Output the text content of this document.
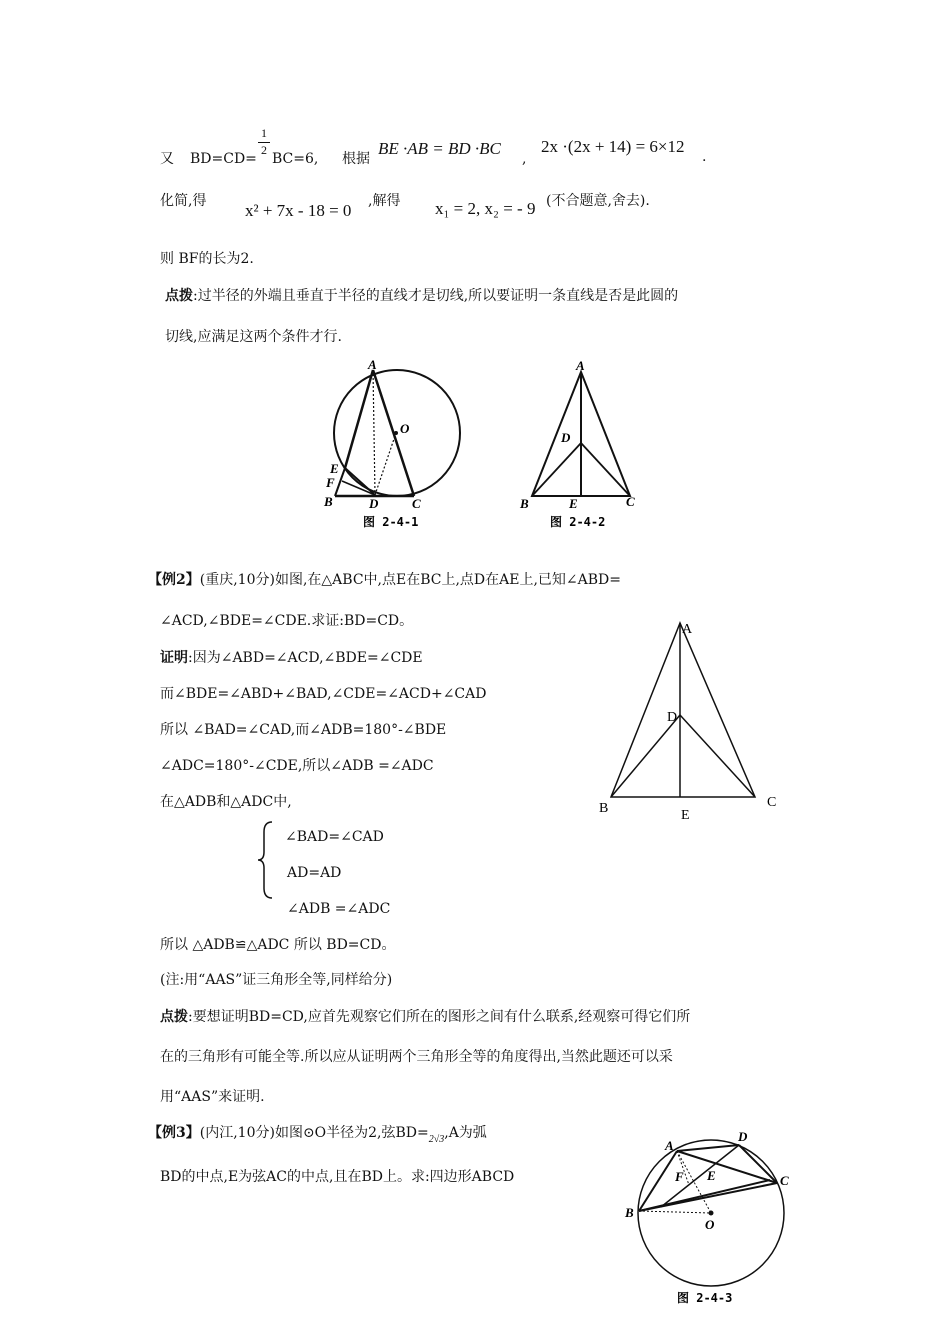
又 BD=CD=
$\frac{1}{2}$
BC=6, 根据
BE ·AB = BD ·BC
,
2x ·(2x + 14) = 6×12
.
化简,得 x² + 7x - 18 = 0 ,解得 x₁ = 2, x₂ = - 9 (不合题意,舍去).
则 BF的长为2.
点拨:过半径的外端且垂直于半径的直线才是切线,所以要证明一条直线是否是此圆的
切线,应满足这两个条件才行.
A
O
E
F
B	D	C
图 2-4-1
A
D
B	E	C
图 2-4-2
【例2】(重庆,10分)如图,在△ABC中,点E在BC上,点D在AE上,已知∠ABD=
∠ACD,∠BDE=∠CDE.求证:BD=CD。
证明:因为∠ABD=∠ACD,∠BDE=∠CDE
而∠BDE=∠ABD+∠BAD,∠CDE=∠ACD+∠CAD
所以 ∠BAD=∠CAD,而∠ADB=180°-∠BDE
∠ADC=180°-∠CDE,所以∠ADB =∠ADC
在△ADB和△ADC中,
∠BAD=∠CAD
AD=AD
∠ADB =∠ADC
所以 △ADB≌△ADC 所以 BD=CD。
(注:用“AAS”证三角形全等,同样给分)
A
D
B	E
C
点拨:要想证明BD=CD,应首先观察它们所在的图形之间有什么联系,经观察可得它们所
在的三角形有可能全等.所以应从证明两个三角形全等的角度得出,当然此题还可以采
用“AAS”来证明.
【例3】(内江,10分)如图⊙O半径为2,弦$BD=_{2√3},A$为弧
BD的中点,E为弦AC的中点,且在BD上。求:四边形ABCD
A
D
F E	C
B
O
图 2-4-3
